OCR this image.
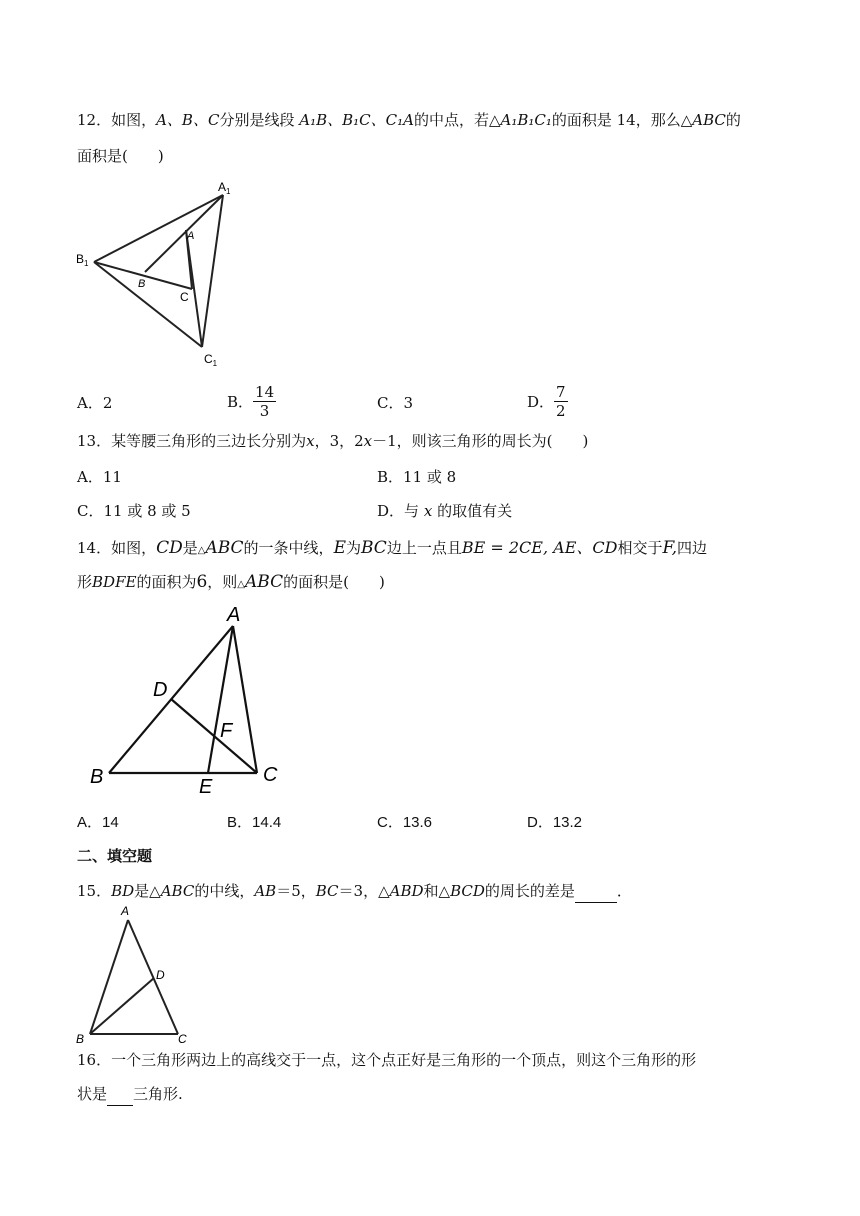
12．如图，A、B、C分别是线段 A₁B、B₁C、C₁A的中点，若△A₁B₁C₁的面积是 14，那么△ABC的
面积是(　　)
$A_1$
$B_1$
$C_1$
A
B
C
A．2	B． $\frac{14}{3}$	C．3	D． $\frac{7}{2}$
13．某等腰三角形的三边长分别为x，3，2x－1，则该三角形的周长为(　　)
A．11	B．11 或 8
C．11 或 8 或 5	D．与 x 的取值有关
14．如图，CD是△ABC的一条中线，E为BC边上一点且BE = 2CE, AE、CD相交于F,四边
形BDFE的面积为6，则△ABC的面积是(　　)
A
B	C
D
E
F
A．14	B．14.4	C．13.6	D．13.2
二、填空题
15．BD是△ABC的中线，AB＝5，BC＝3，△ABD和△BCD的周长的差是	．
A
B	C
D
16．一个三角形两边上的高线交于一点，这个点正好是三角形的一个顶点，则这个三角形的形
状是 三角形.
